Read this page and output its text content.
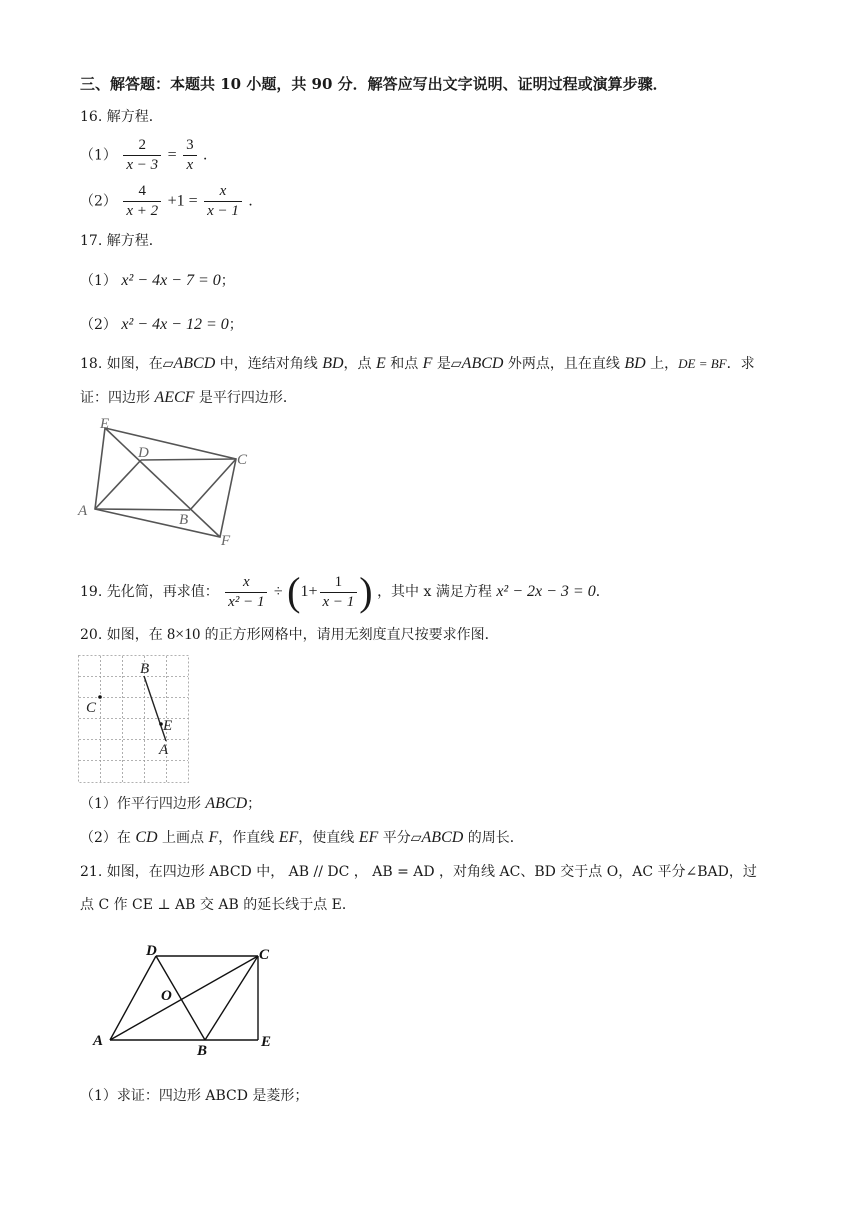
三、解答题：本题共 10 小题，共 90 分．解答应写出文字说明、证明过程或演算步骤．
16. 解方程．
$(1) \frac{2}{x - 3} = \frac{3}{x}$ ．
$(2) \frac{4}{x + 2} +1 = \frac{x}{x - 1}$ ．
17. 解方程．
（1） x² − 4x − 7 = 0；
（2） x² − 4x − 12 = 0；
18. 如图，在▱ABCD 中，连结对角线 BD，点 E 和点 F 是▱ABCD 外两点，且在直线 BD 上，DE = BF．求
证：四边形 AECF 是平行四边形．
E
D	C
A
B
F
19. 先化简，再求值： $\frac{x}{\text{x² − 1}} \div (1+ \frac{1}{x - 1}$ ) ，其中 x 满足方程 x² − 2x − 3 = 0．
20. 如图，在 8×10 的正方形网格中，请用无刻度直尺按要求作图．
B
C
E
A
（1）作平行四边形 ABCD；
（2）在 CD 上画点 F，作直线 EF，使直线 EF 平分▱ABCD 的周长．
21. 如图，在四边形 ABCD 中， AB // DC ， AB = AD ，对角线 AC、BD 交于点 O，AC 平分∠BAD，过
点 C 作 CE ⊥ AB 交 AB 的延长线于点 E．
D	C
O
A
B
E
（1）求证：四边形 ABCD 是菱形；
